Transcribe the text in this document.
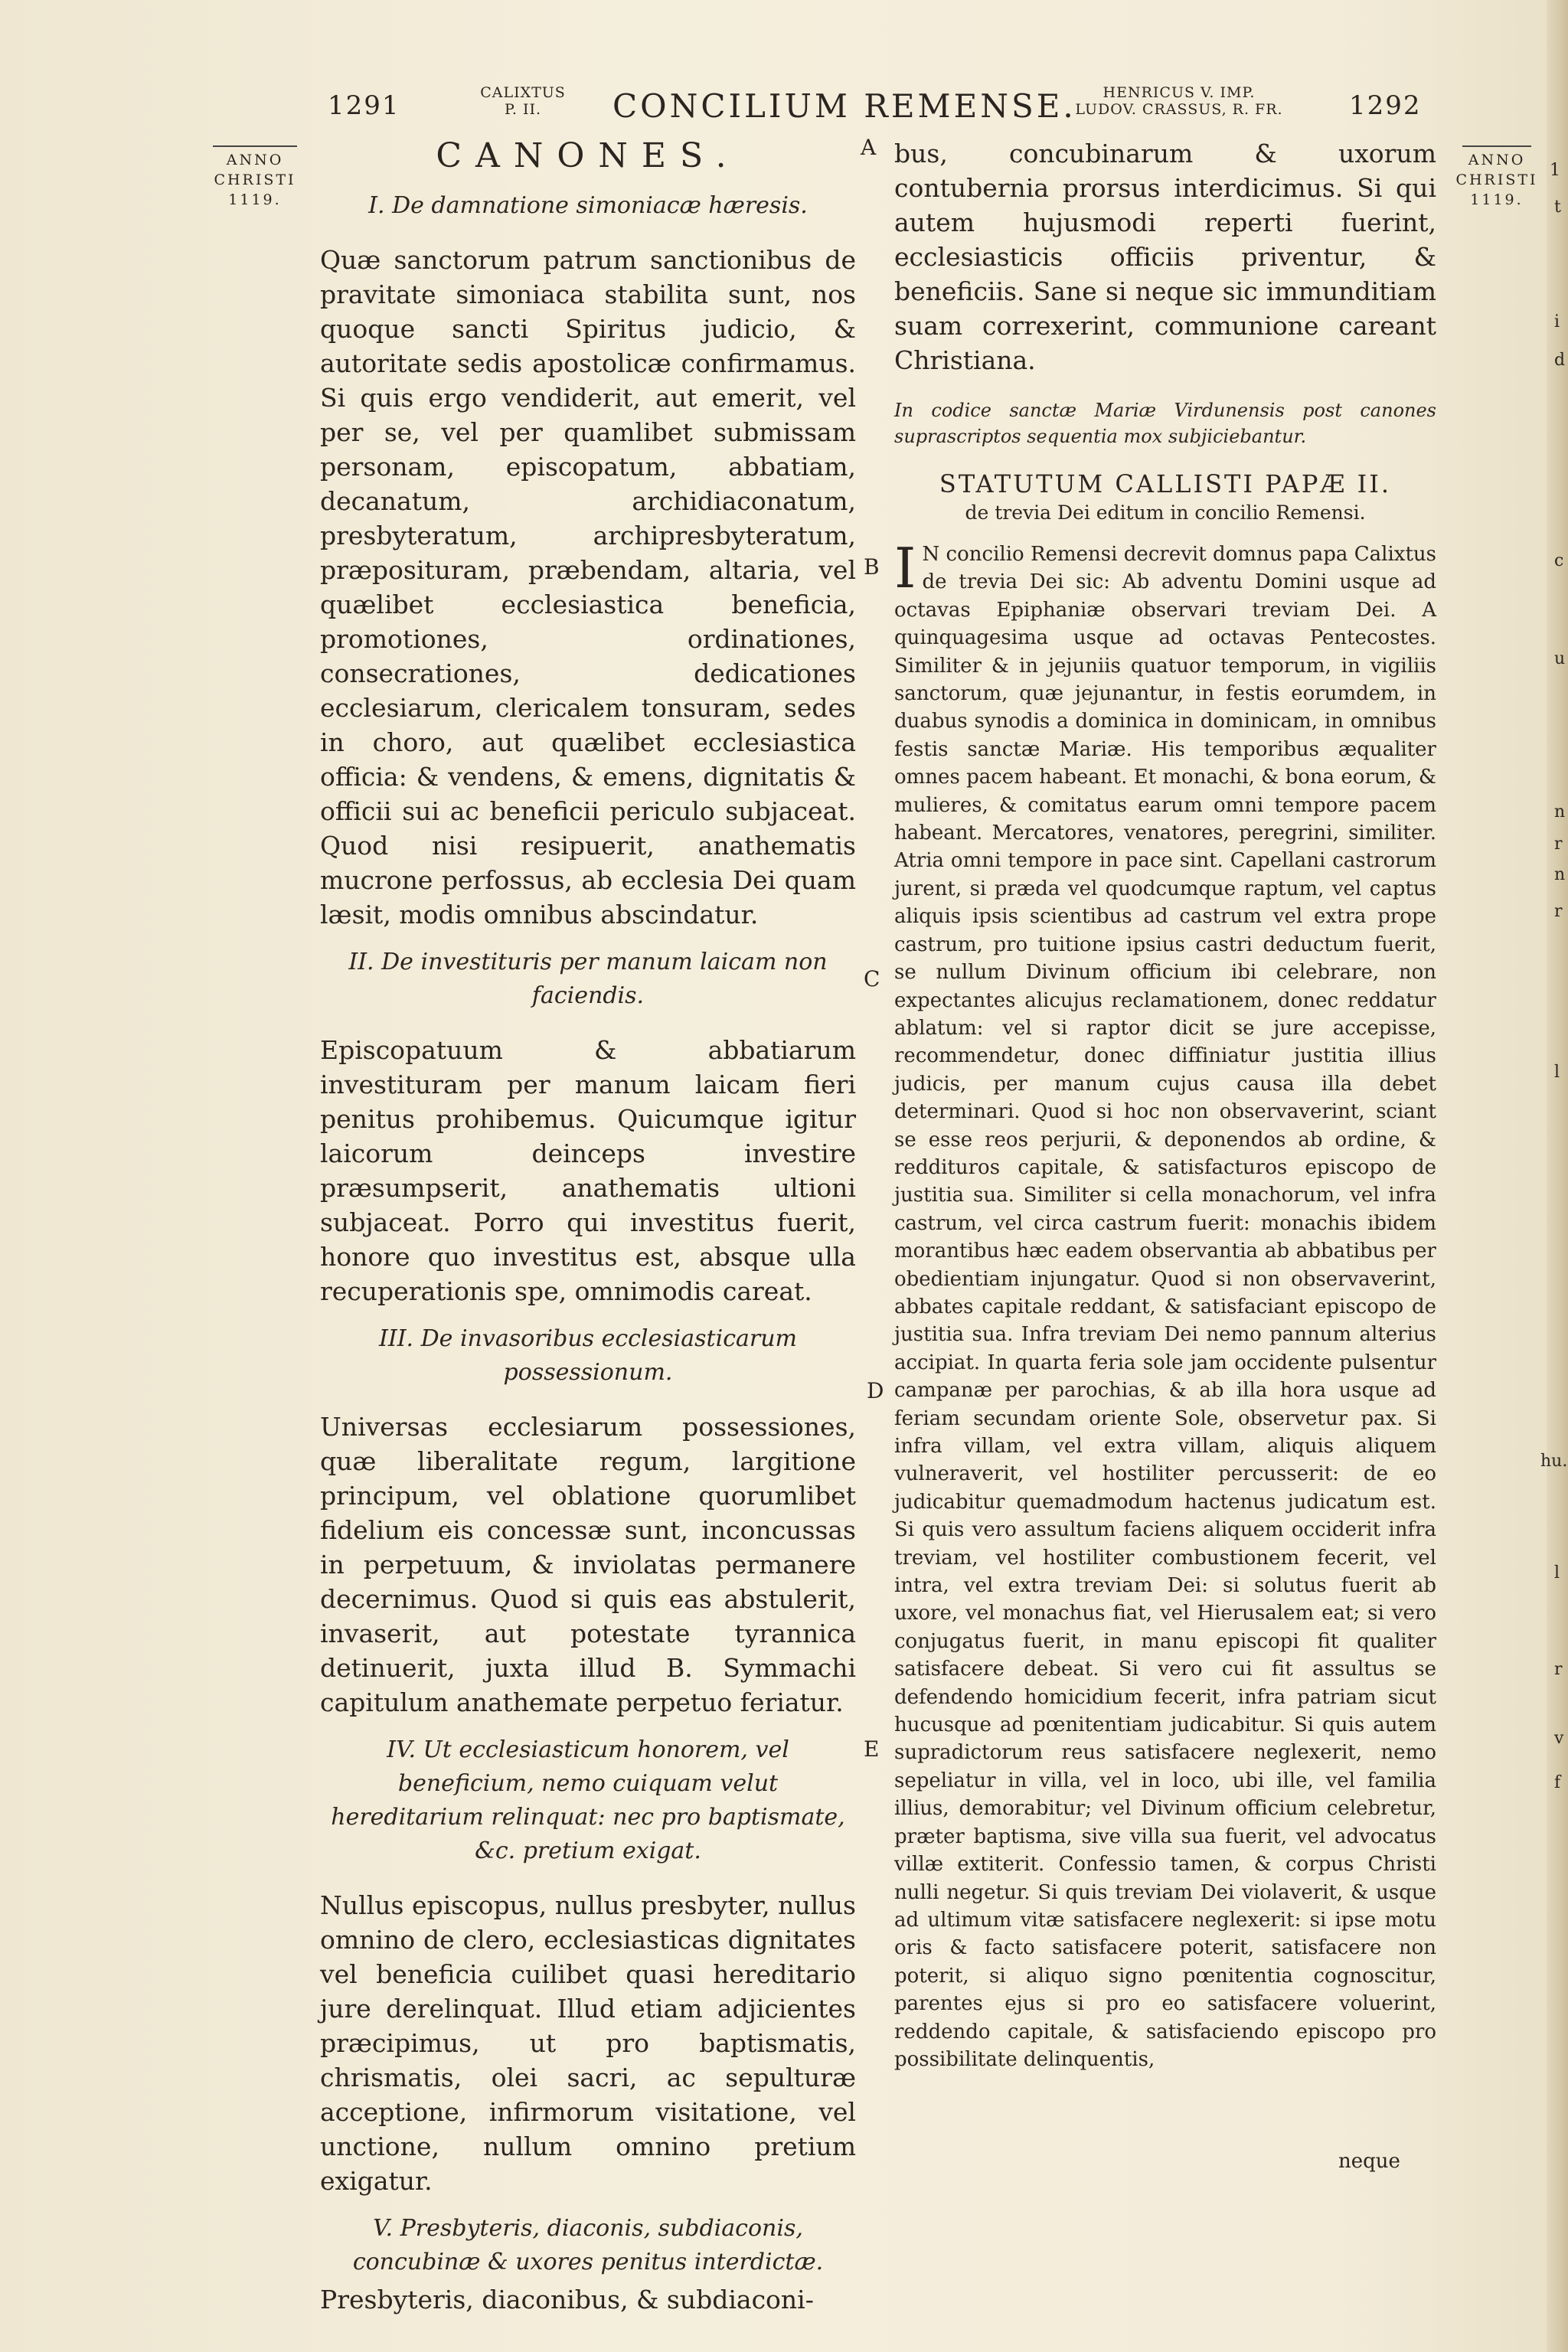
1291	CALIXTUS
P. II.	CONCILIUM REMENSE.	HENRICUS V. IMP.
LUDOV. CRASSUS, R. FR.	1292
ANNO
CHRISTI
1119.
ANNO
CHRISTI
1119.
A
B
C
D
E
CANONES.
I. De damnatione simoniacæ hæresis.

Quæ sanctorum patrum sanctionibus de pravitate simoniaca stabilita sunt, nos quoque sancti Spiritus judicio, & autoritate sedis apostolicæ confirmamus. Si quis ergo vendiderit, aut emerit, vel per se, vel per quamlibet submissam personam, episcopatum, abbatiam, decanatum, archidiaconatum, presbyteratum, archipresbyteratum, præposituram, præbendam, altaria, vel quælibet ecclesiastica beneficia, promotiones, ordinationes, consecrationes, dedicationes ecclesiarum, clericalem tonsuram, sedes in choro, aut quælibet ecclesiastica officia: & vendens, & emens, dignitatis & officii sui ac beneficii periculo subjaceat. Quod nisi resipuerit, anathematis mucrone perfossus, ab ecclesia Dei quam læsit, modis omnibus abscindatur.

II. De investituris per manum laicam non faciendis.

Episcopatuum & abbatiarum investituram per manum laicam fieri penitus prohibemus. Quicumque igitur laicorum deinceps investire præsumpserit, anathematis ultioni subjaceat. Porro qui investitus fuerit, honore quo investitus est, absque ulla recuperationis spe, omnimodis careat.

III. De invasoribus ecclesiasticarum possessionum.

Universas ecclesiarum possessiones, quæ liberalitate regum, largitione principum, vel oblatione quorumlibet fidelium eis concessæ sunt, inconcussas in perpetuum, & inviolatas permanere decernimus. Quod si quis eas abstulerit, invaserit, aut potestate tyrannica detinuerit, juxta illud B. Symmachi capitulum anathemate perpetuo feriatur.

IV. Ut ecclesiasticum honorem, vel beneficium, nemo cuiquam velut hereditarium relinquat: nec pro baptismate, &c. pretium exigat.

Nullus episcopus, nullus presbyter, nullus omnino de clero, ecclesiasticas dignitates vel beneficia cuilibet quasi hereditario jure derelinquat. Illud etiam adjicientes præcipimus, ut pro baptismatis, chrismatis, olei sacri, ac sepulturæ acceptione, infirmorum visitatione, vel unctione, nullum omnino pretium exigatur.

V. Presbyteris, diaconis, subdiaconis, concubinæ & uxores penitus interdictæ.

Presbyteris, diaconibus, & subdiaconi-

bus, concubinarum & uxorum contubernia prorsus interdicimus. Si qui autem hujusmodi reperti fuerint, ecclesiasticis officiis priventur, & beneficiis. Sane si neque sic immunditiam suam correxerint, communione careant Christiana.

In codice sanctæ Mariæ Virdunensis post canones suprascriptos sequentia mox subjiciebantur.

STATUTUM CALLISTI PAPÆ II.
de trevia Dei editum in concilio Remensi.

I N concilio Remensi decrevit domnus papa Calixtus de trevia Dei sic: Ab adventu Domini usque ad octavas Epiphaniæ observari treviam Dei. A quinquagesima usque ad octavas Pentecostes. Similiter & in jejuniis quatuor temporum, in vigiliis sanctorum, quæ jejunantur, in festis eorumdem, in duabus synodis a dominica in dominicam, in omnibus festis sanctæ Mariæ. His temporibus æqualiter omnes pacem habeant. Et monachi, & bona eorum, & mulieres, & comitatus earum omni tempore pacem habeant. Mercatores, venatores, peregrini, similiter. Atria omni tempore in pace sint. Capellani castrorum jurent, si præda vel quodcumque raptum, vel captus aliquis ipsis scientibus ad castrum vel extra prope castrum, pro tuitione ipsius castri deductum fuerit, se nullum Divinum officium ibi celebrare, non expectantes alicujus reclamationem, donec reddatur ablatum: vel si raptor dicit se jure accepisse, recommendetur, donec diffiniatur justitia illius judicis, per manum cujus causa illa debet determinari. Quod si hoc non observaverint, sciant se esse reos perjurii, & deponendos ab ordine, & reddituros capitale, & satisfacturos episcopo de justitia sua. Similiter si cella monachorum, vel infra castrum, vel circa castrum fuerit: monachis ibidem morantibus hæc eadem observantia ab abbatibus per obedientiam injungatur. Quod si non observaverint, abbates capitale reddant, & satisfaciant episcopo de justitia sua. Infra treviam Dei nemo pannum alterius accipiat. In quarta feria sole jam occidente pulsentur campanæ per parochias, & ab illa hora usque ad feriam secundam oriente Sole, observetur pax. Si infra villam, vel extra villam, aliquis aliquem vulneraverit, vel hostiliter percusserit: de eo judicabitur quemadmodum hactenus judicatum est. Si quis vero assultum faciens aliquem occiderit infra treviam, vel hostiliter combustionem fecerit, vel intra, vel extra treviam Dei: si solutus fuerit ab uxore, vel monachus fiat, vel Hierusalem eat; si vero conjugatus fuerit, in manu episcopi fit qualiter satisfacere debeat. Si vero cui fit assultus se defendendo homicidium fecerit, infra patriam sicut hucusque ad pœnitentiam judicabitur. Si quis autem supradictorum reus satisfacere neglexerit, nemo sepeliatur in villa, vel in loco, ubi ille, vel familia illius, demorabitur; vel Divinum officium celebretur, præter baptisma, sive villa sua fuerit, vel advocatus villæ extiterit. Confessio tamen, & corpus Christi nulli negetur. Si quis treviam Dei violaverit, & usque ad ultimum vitæ satisfacere neglexerit: si ipse motu oris & facto satisfacere poterit, satisfacere non poterit, si aliquo signo pœnitentia cognoscitur, parentes ejus si pro eo satisfacere voluerint, reddendo capitale, & satisfaciendo episcopo pro possibilitate delinquentis,

neque
1
t
i
d
c
u
n
r
n
r
l
hu.
l
r
v
f
